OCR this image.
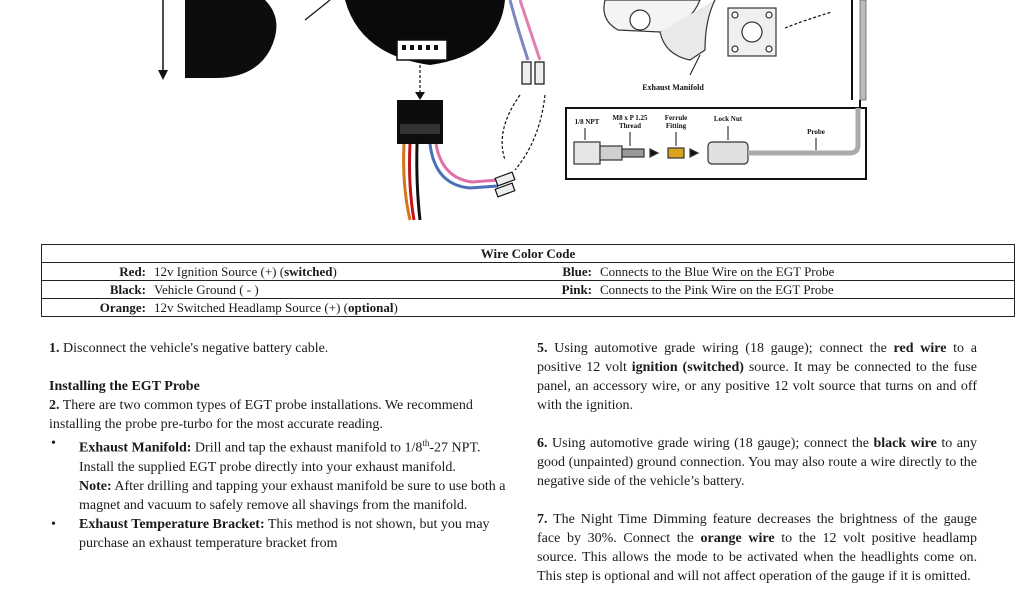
Exhaust Manifold
1/8 NPT	M8 x P 1.25
Thread
Ferrule
Fitting
Lock Nut
Probe
Wire Color Code			
Red:	12v Ignition Source (+) (switched)	Blue:	Connects to the Blue Wire on the EGT Probe
Black:	Vehicle Ground ( - )	Pink:	Connects to the Pink Wire on the EGT Probe
Orange:	12v Switched Headlamp Source (+) (optional)		

1. Disconnect the vehicle's negative battery cable.

Installing the EGT Probe

2. There are two common types of EGT probe installations. We recommend installing the probe pre-turbo for the most accurate reading.

• Exhaust Manifold: Drill and tap the exhaust manifold to 1/8th-27 NPT. Install the supplied EGT probe directly into your exhaust manifold.
Note: After drilling and tapping your exhaust manifold be sure to use both a magnet and vacuum to safely remove all shavings from the manifold.
• Exhaust Temperature Bracket: This method is not shown, but you may purchase an exhaust temperature bracket from

5. Using automotive grade wiring (18 gauge); connect the red wire to a positive 12 volt ignition (switched) source. It may be connected to the fuse panel, an accessory wire, or any positive 12 volt source that turns on and off with the ignition.

6. Using automotive grade wiring (18 gauge); connect the black wire to any good (unpainted) ground connection. You may also route a wire directly to the negative side of the vehicle’s battery.

7. The Night Time Dimming feature decreases the brightness of the gauge face by 30%. Connect the orange wire to the 12 volt positive headlamp source. This allows the mode to be activated when the headlights come on. This step is optional and will not affect operation of the gauge if it is omitted.
